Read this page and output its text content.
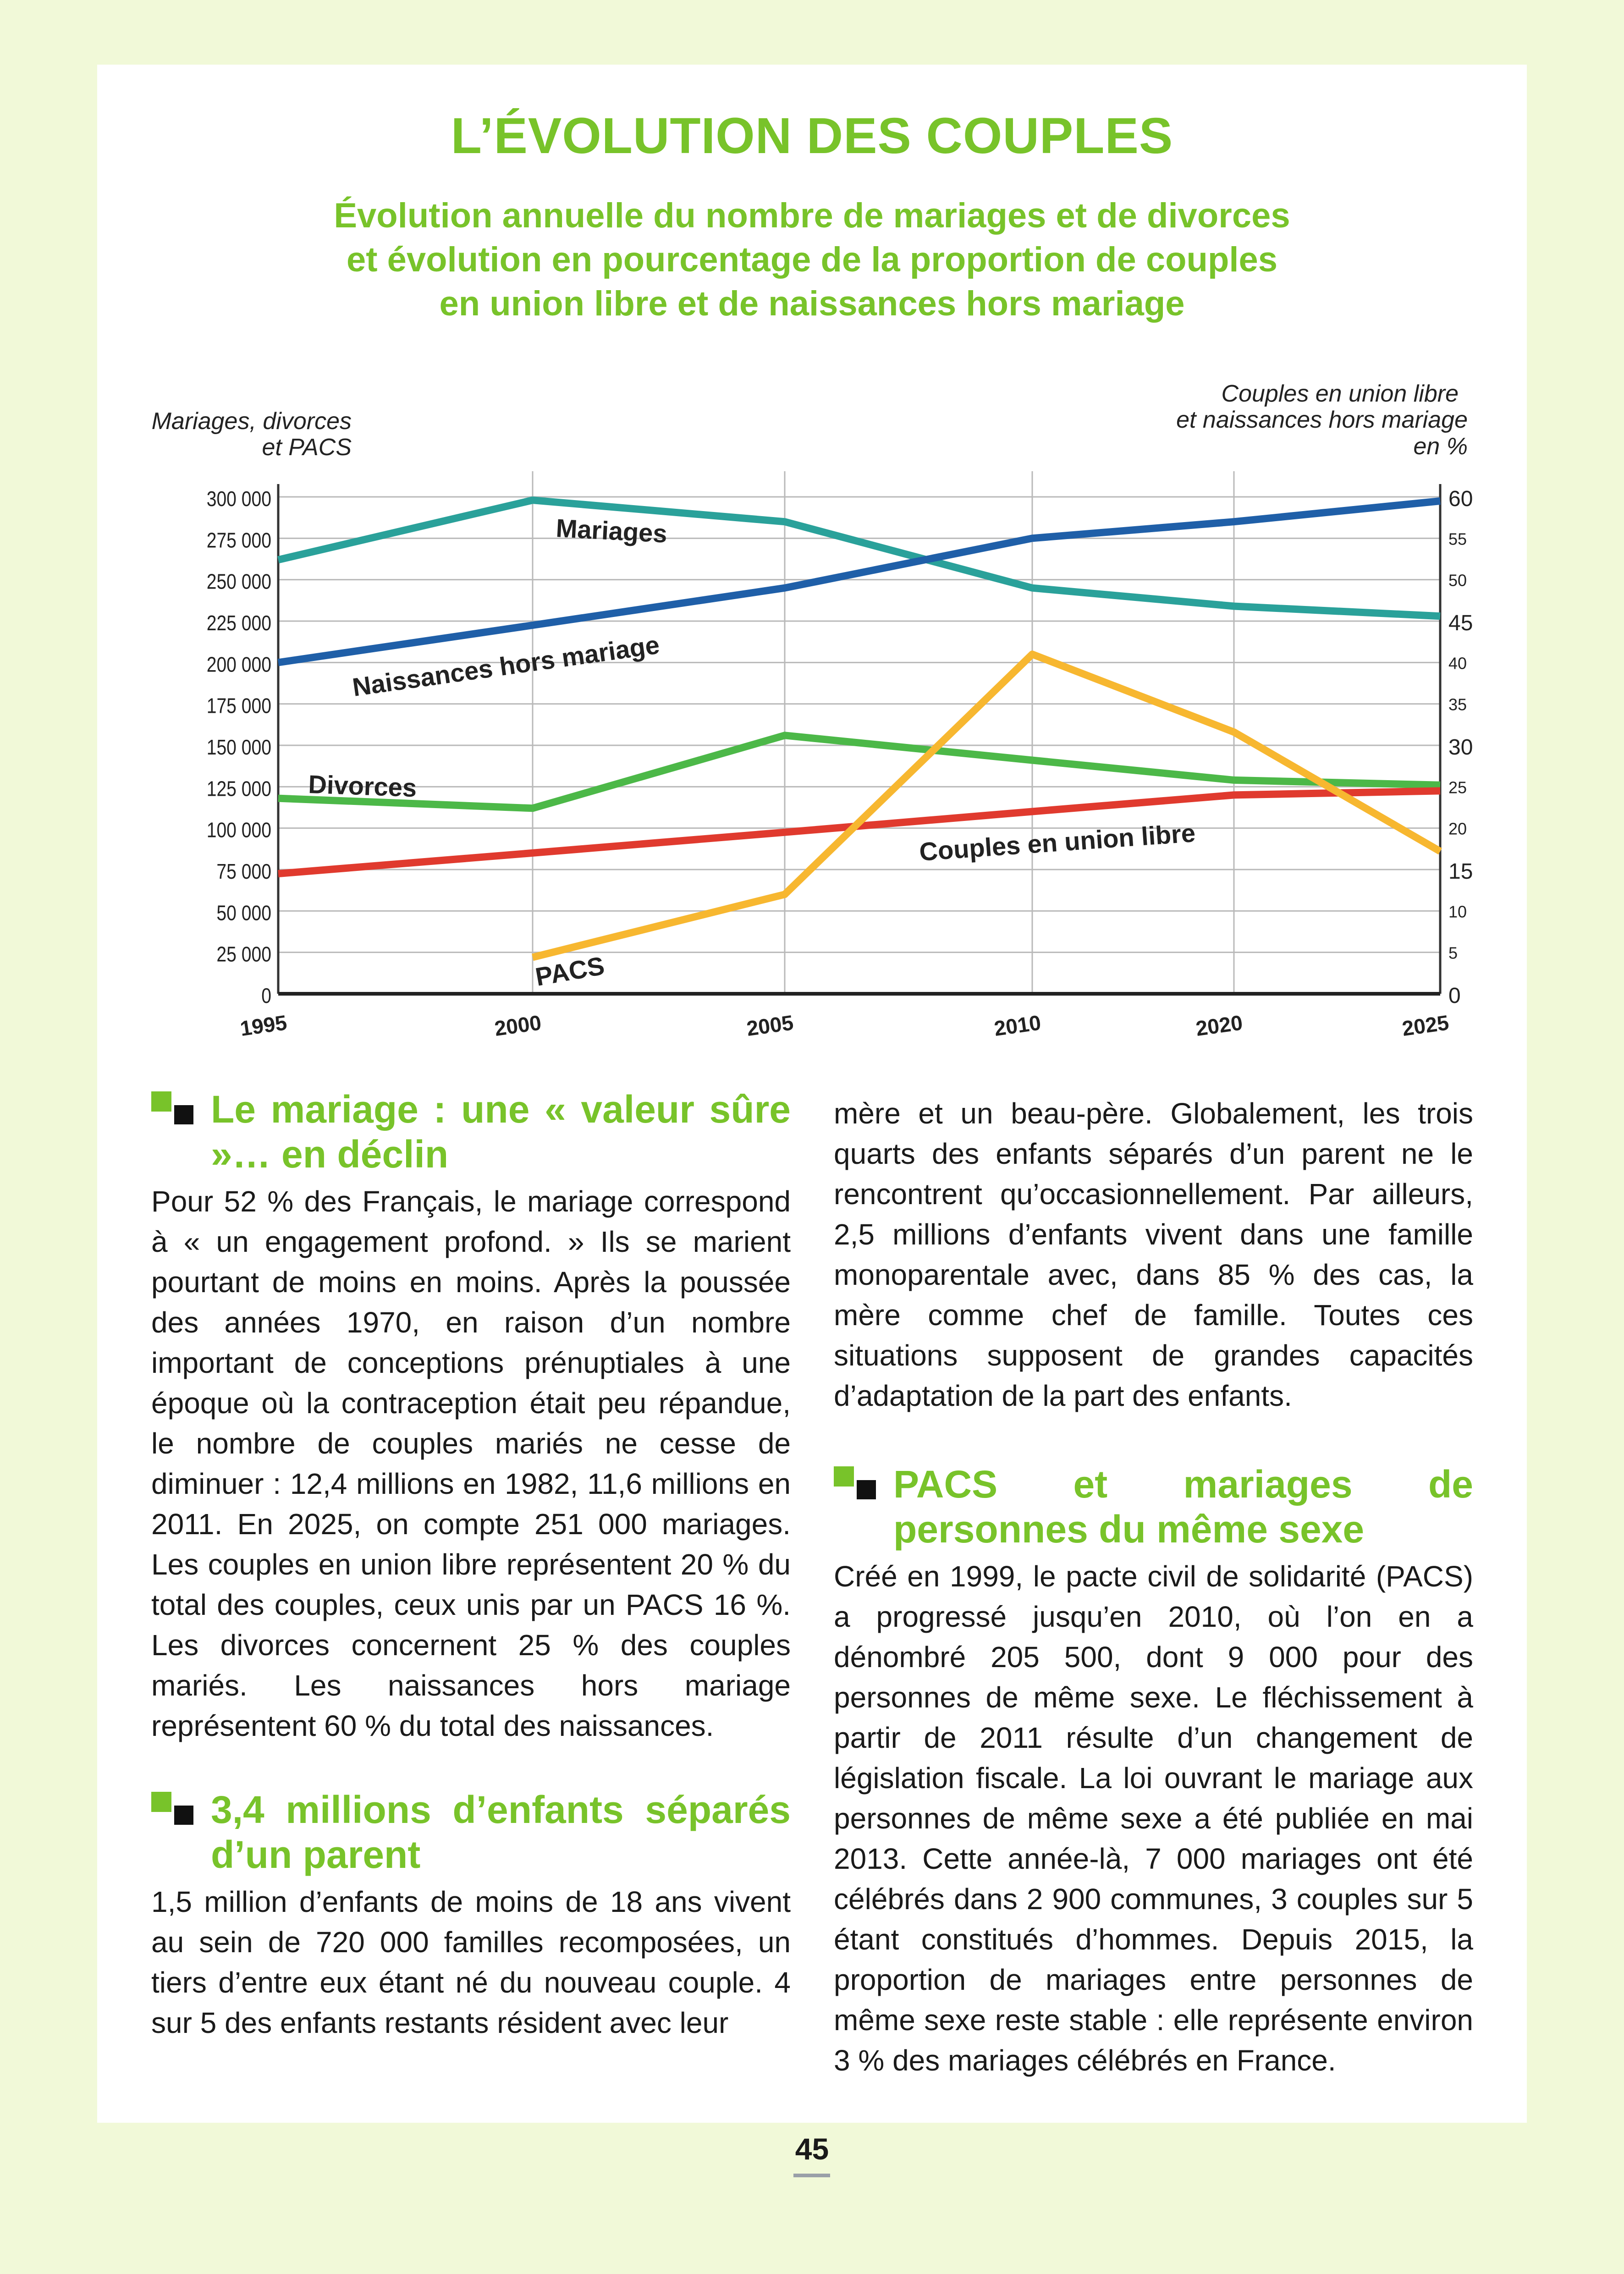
L’ÉVOLUTION DES COUPLES
Évolution annuelle du nombre de mariages et de divorces
et évolution en pourcentage de la proportion de couples
en union libre et de naissances hors mariage
0
25 000
50 000
75 000
100 000
125 000
150 000
175 000
200 000
225 000
250 000
275 000
300 000
0
5
10
15
20
25
30
35
40
45
50
55
60
1995	2000	2005	2010	2020	2025
Mariages, divorces
et PACS
Couples en union libre
et naissances hors mariage
en %
Mariages
Naissances hors mariage
Divorces
Couples en union libre
PACS
Le mariage : une « valeur sûre »… en déclin

Pour 52 % des Français, le mariage correspond à « un engagement profond. » Ils se marient pourtant de moins en moins. Après la poussée des années 1970, en raison d’un nombre important de conceptions prénuptiales à une époque où la contraception était peu répandue, le nombre de couples mariés ne cesse de diminuer : 12,4 millions en 1982, 11,6 millions en 2011. En 2025, on compte 251 000 mariages. Les couples en union libre représentent 20 % du total des couples, ceux unis par un PACS 16 %. Les divorces concernent 25 % des couples mariés. Les naissances hors mariage représentent 60 % du total des naissances.

3,4 millions d’enfants séparés d’un parent

1,5 million d’enfants de moins de 18 ans vivent au sein de 720 000 familles recomposées, un tiers d’entre eux étant né du nouveau couple. 4 sur 5 des enfants restants résident avec leur

mère et un beau-père. Globalement, les trois quarts des enfants séparés d’un parent ne le rencontrent qu’occasionnellement. Par ailleurs, 2,5 millions d’enfants vivent dans une famille monoparentale avec, dans 85 % des cas, la mère comme chef de famille. Toutes ces situations supposent de grandes capacités d’adaptation de la part des enfants.

PACS et mariages de personnes du même sexe

Créé en 1999, le pacte civil de solidarité (PACS) a progressé jusqu’en 2010, où l’on en a dénombré 205 500, dont 9 000 pour des personnes de même sexe. Le fléchissement à partir de 2011 résulte d’un changement de législation fiscale. La loi ouvrant le mariage aux personnes de même sexe a été publiée en mai 2013. Cette année-là, 7 000 mariages ont été célébrés dans 2 900 communes, 3 couples sur 5 étant constitués d’hommes. Depuis 2015, la proportion de mariages entre personnes de même sexe reste stable : elle représente environ 3 % des mariages célébrés en France.

45
